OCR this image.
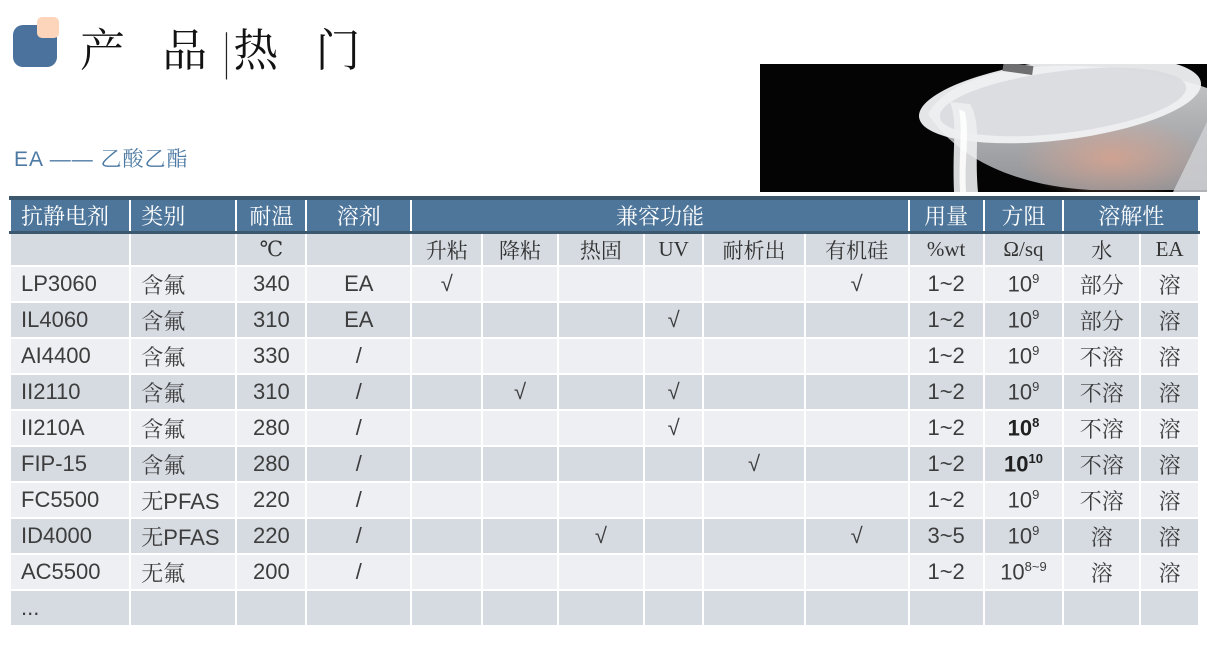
产 品|热 门
EA —— 乙酸乙酯
抗静电剂	类别	耐温	溶剂	兼容功能						用量	方阻	溶解性	
		℃		升粘	降粘	热固	UV	耐析出	有机硅	%wt	Ω/sq	水	EA
LP3060	含氟	340	EA	√					√	1~2	$10^9$	部分	溶
IL4060	含氟	310	EA				√			1~2	$10^9$	部分	溶
AI4400	含氟	330	/							1~2	$10^9$	不溶	溶
II2110	含氟	310	/		√		√			1~2	$10^9$	不溶	溶
II210A	含氟	280	/				√			1~2	$10^8$	不溶	溶
FIP-15	含氟	280	/					√		1~2	$10^{10}$	不溶	溶
FC5500	无PFAS	220	/							1~2	$10^9$	不溶	溶
ID4000	无PFAS	220	/			√			√	3~5	$10^9$	溶	溶
AC5500	无氟	200	/							1~2	$10^{8\sim 9}$	溶	溶
...													
